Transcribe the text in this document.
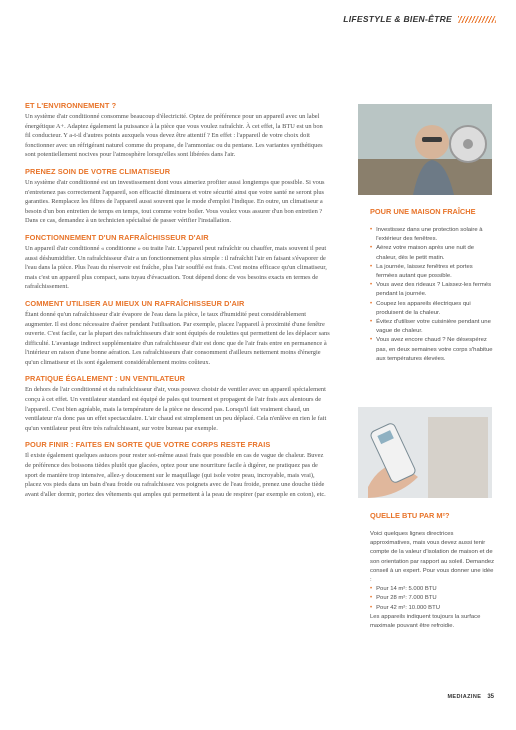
LIFESTYLE & BIEN-ÊTRE
ET L'ENVIRONNEMENT ?

Un système d'air conditionné consomme beaucoup d'électricité. Optez de préférence pour un appareil avec un label énergétique A+. Adaptez également la puissance à la pièce que vous voulez rafraîchir. À cet effet, la BTU est un bon fil conducteur. Y a-t-il d'autres points auxquels vous devez être attentif ? En effet : l'appareil de votre choix doit fonctionner avec un réfrigérant naturel comme du propane, de l'ammoniac ou du pentane. Les variantes synthétiques sont potentiellement nocives pour l'atmosphère lorsqu'elles sont libérées dans l'air.

PRENEZ SOIN DE VOTRE CLIMATISEUR

Un système d'air conditionné est un investissement dont vous aimeriez profiter aussi longtemps que possible. Si vous n'entretenez pas correctement l'appareil, son efficacité diminuera et votre sécurité ainsi que votre santé ne seront plus garanties. Remplacez les filtres de l'appareil aussi souvent que le mode d'emploi l'indique. En outre, un climatiseur a besoin d'un bon entretien de temps en temps, tout comme votre boiler. Vous voulez vous assurer d'un bon entretien ? Dans ce cas, demandez à un technicien spécialisé de passer vérifier l'installation.

FONCTIONNEMENT D'UN RAFRAÎCHISSEUR D'AIR

Un appareil d'air conditionné « conditionne » ou traite l'air. L'appareil peut rafraîchir ou chauffer, mais souvent il peut aussi déshumidifier. Un rafraîchisseur d'air a un fonctionnement plus simple : il rafraîchit l'air en faisant s'évaporer de l'eau dans la pièce. Plus l'eau du réservoir est fraîche, plus l'air soufflé est frais. C'est moins efficace qu'un climatiseur, mais c'est un appareil plus compact, sans tuyau d'évacuation. Tout dépend donc de vos besoins exacts en termes de rafraîchissement.

COMMENT UTILISER AU MIEUX UN RAFRAÎCHISSEUR D'AIR

Étant donné qu'un rafraîchisseur d'air évapore de l'eau dans la pièce, le taux d'humidité peut considérablement augmenter. Il est donc nécessaire d'aérer pendant l'utilisation. Par exemple, placez l'appareil à proximité d'une fenêtre ouverte. C'est facile, car la plupart des rafraîchisseurs d'air sont équipés de roulettes qui permettent de les déplacer sans difficulté. L'avantage indirect supplémentaire d'un rafraîchisseur d'air est donc que de l'air frais entre en permanence à l'intérieur en raison d'une bonne aération. Les rafraîchisseurs d'air consomment d'ailleurs nettement moins d'énergie qu'un climatiseur et ils sont également considérablement moins coûteux.

PRATIQUE ÉGALEMENT : UN VENTILATEUR

En dehors de l'air conditionné et du rafraîchisseur d'air, vous pouvez choisir de ventiler avec un appareil spécialement conçu à cet effet. Un ventilateur standard est équipé de pales qui tournent et propagent de l'air frais aux alentours de l'appareil. C'est bien agréable, mais la température de la pièce ne descend pas. Lorsqu'il fait vraiment chaud, un ventilateur n'a donc pas un effet spectaculaire. L'air chaud est simplement un peu déplacé. Cela n'enlève en rien le fait qu'un ventilateur peut être très rafraîchissant, sur votre bureau par exemple.

POUR FINIR : FAITES EN SORTE QUE VOTRE CORPS RESTE FRAIS

Il existe également quelques astuces pour rester soi-même aussi frais que possible en cas de vague de chaleur. Buvez de préférence des boissons tièdes plutôt que glacées, optez pour une nourriture facile à digérer, ne pratiquez pas de sport de manière trop intensive, allez-y doucement sur le maquillage (qui isole votre peau, incroyable, mais vrai), placez vos pieds dans un bain d'eau froide ou rafraîchissez vos poignets avec de l'eau froide, prenez une douche tiède avant d'aller dormir, portez des vêtements qui amples qui permettent à la peau de respirer (par exemple en coton), etc.

POUR UNE MAISON FRAÎCHE
• Investissez dans une protection solaire à l'extérieur des fenêtres.
• Aérez votre maison après une nuit de chaleur, dès le petit matin.
• La journée, laissez fenêtres et portes fermées autant que possible.
• Vous avez des rideaux ? Laissez-les fermés pendant la journée.
• Coupez les appareils électriques qui produisent de la chaleur.
• Évitez d'utiliser votre cuisinière pendant une vague de chaleur.
• Vous avez encore chaud ? Ne désespérez pas, en deux semaines votre corps s'habitue aux températures élevées.
QUELLE BTU PAR M²?

Voici quelques lignes directrices approximatives, mais vous devez aussi tenir compte de la valeur d'isolation de maison et de son orientation par rapport au soleil. Demandez conseil à un expert. Pour vous donner une idée :

• Pour 14 m²: 5.000 BTU
• Pour 28 m²: 7.000 BTU
• Pour 42 m²: 10.000 BTU

Les appareils indiquent toujours la surface maximale pouvant être refroidie.

MEDIAZINE 35
